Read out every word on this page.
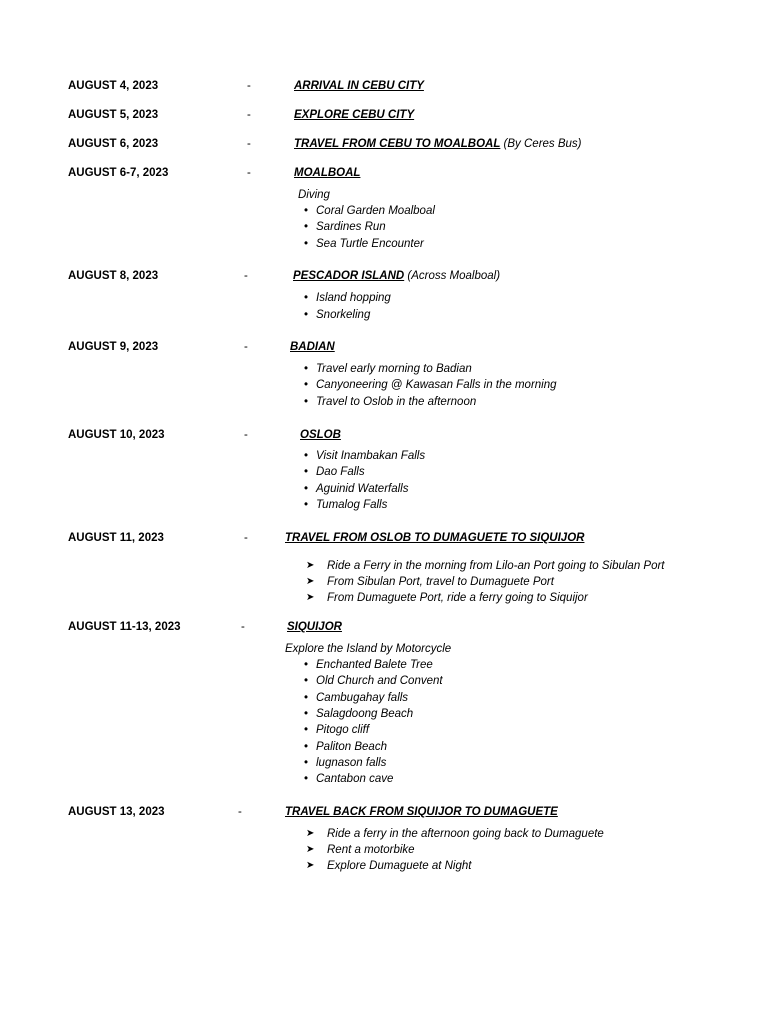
AUGUST 4, 2023	-	ARRIVAL IN CEBU CITY
AUGUST 5, 2023	-	EXPLORE CEBU CITY
AUGUST 6, 2023	-	TRAVEL FROM CEBU TO MOALBOAL (By Ceres Bus)
AUGUST 6-7, 2023	-	MOALBOAL
Diving
• Coral Garden Moalboal
• Sardines Run
• Sea Turtle Encounter
AUGUST 8, 2023	-	PESCADOR ISLAND (Across Moalboal)
• Island hopping
• Snorkeling
AUGUST 9, 2023	-	BADIAN
• Travel early morning to Badian
• Canyoneering @ Kawasan Falls in the morning
• Travel to Oslob in the afternoon
AUGUST 10, 2023	-	OSLOB
• Visit Inambakan Falls
• Dao Falls
• Aguinid Waterfalls
• Tumalog Falls
AUGUST 11, 2023	-	TRAVEL FROM OSLOB TO DUMAGUETE TO SIQUIJOR
➤ Ride a Ferry in the morning from Lilo-an Port going to Sibulan Port
➤ From Sibulan Port, travel to Dumaguete Port
➤ From Dumaguete Port, ride a ferry going to Siquijor
AUGUST 11-13, 2023	-	SIQUIJOR
Explore the Island by Motorcycle
• Enchanted Balete Tree
• Old Church and Convent
• Cambugahay falls
• Salagdoong Beach
• Pitogo cliff
• Paliton Beach
• lugnason falls
• Cantabon cave
AUGUST 13, 2023	-	TRAVEL BACK FROM SIQUIJOR TO DUMAGUETE
➤ Ride a ferry in the afternoon going back to Dumaguete
➤ Rent a motorbike
➤ Explore Dumaguete at Night
